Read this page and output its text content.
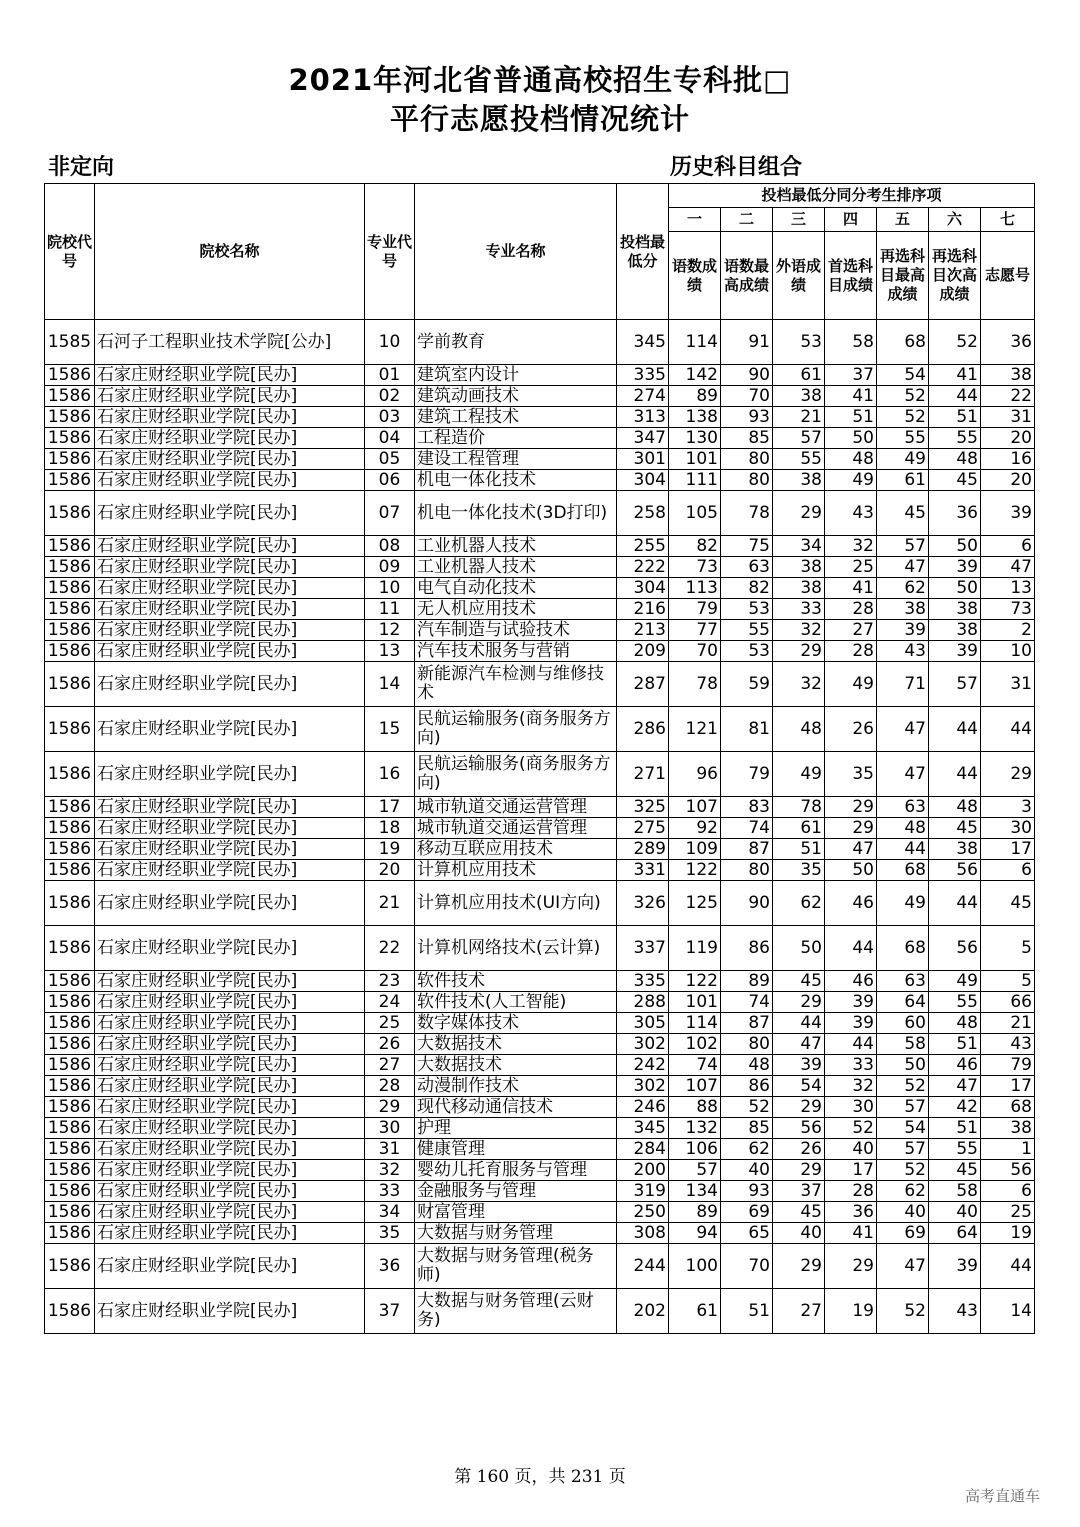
2021年河北省普通高校招生专科批□
平行志愿投档情况统计
非定向	历史科目组合
院校代号	院校名称	专业代号	专业名称	投档最低分	投档最低分同分考生排序项						
					一	二	三	四	五	六	七
					语数成绩	语数最高成绩	外语成绩	首选科目成绩	再选科目最高成绩	再选科目次高成绩	志愿号
1585	石河子工程职业技术学院[公办]	10	学前教育	345	114	91	53	58	68	52	36
1586	石家庄财经职业学院[民办]	01	建筑室内设计	335	142	90	61	37	54	41	38
1586	石家庄财经职业学院[民办]	02	建筑动画技术	274	89	70	38	41	52	44	22
1586	石家庄财经职业学院[民办]	03	建筑工程技术	313	138	93	21	51	52	51	31
1586	石家庄财经职业学院[民办]	04	工程造价	347	130	85	57	50	55	55	20
1586	石家庄财经职业学院[民办]	05	建设工程管理	301	101	80	55	48	49	48	16
1586	石家庄财经职业学院[民办]	06	机电一体化技术	304	111	80	38	49	61	45	20
1586	石家庄财经职业学院[民办]	07	机电一体化技术(3D打印)	258	105	78	29	43	45	36	39
1586	石家庄财经职业学院[民办]	08	工业机器人技术	255	82	75	34	32	57	50	6
1586	石家庄财经职业学院[民办]	09	工业机器人技术	222	73	63	38	25	47	39	47
1586	石家庄财经职业学院[民办]	10	电气自动化技术	304	113	82	38	41	62	50	13
1586	石家庄财经职业学院[民办]	11	无人机应用技术	216	79	53	33	28	38	38	73
1586	石家庄财经职业学院[民办]	12	汽车制造与试验技术	213	77	55	32	27	39	38	2
1586	石家庄财经职业学院[民办]	13	汽车技术服务与营销	209	70	53	29	28	43	39	10
1586	石家庄财经职业学院[民办]	14	新能源汽车检测与维修技术	287	78	59	32	49	71	57	31
1586	石家庄财经职业学院[民办]	15	民航运输服务(商务服务方向)	286	121	81	48	26	47	44	44
1586	石家庄财经职业学院[民办]	16	民航运输服务(商务服务方向)	271	96	79	49	35	47	44	29
1586	石家庄财经职业学院[民办]	17	城市轨道交通运营管理	325	107	83	78	29	63	48	3
1586	石家庄财经职业学院[民办]	18	城市轨道交通运营管理	275	92	74	61	29	48	45	30
1586	石家庄财经职业学院[民办]	19	移动互联应用技术	289	109	87	51	47	44	38	17
1586	石家庄财经职业学院[民办]	20	计算机应用技术	331	122	80	35	50	68	56	6
1586	石家庄财经职业学院[民办]	21	计算机应用技术(UI方向)	326	125	90	62	46	49	44	45
1586	石家庄财经职业学院[民办]	22	计算机网络技术(云计算)	337	119	86	50	44	68	56	5
1586	石家庄财经职业学院[民办]	23	软件技术	335	122	89	45	46	63	49	5
1586	石家庄财经职业学院[民办]	24	软件技术(人工智能)	288	101	74	29	39	64	55	66
1586	石家庄财经职业学院[民办]	25	数字媒体技术	305	114	87	44	39	60	48	21
1586	石家庄财经职业学院[民办]	26	大数据技术	302	102	80	47	44	58	51	43
1586	石家庄财经职业学院[民办]	27	大数据技术	242	74	48	39	33	50	46	79
1586	石家庄财经职业学院[民办]	28	动漫制作技术	302	107	86	54	32	52	47	17
1586	石家庄财经职业学院[民办]	29	现代移动通信技术	246	88	52	29	30	57	42	68
1586	石家庄财经职业学院[民办]	30	护理	345	132	85	56	52	54	51	38
1586	石家庄财经职业学院[民办]	31	健康管理	284	106	62	26	40	57	55	1
1586	石家庄财经职业学院[民办]	32	婴幼儿托育服务与管理	200	57	40	29	17	52	45	56
1586	石家庄财经职业学院[民办]	33	金融服务与管理	319	134	93	37	28	62	58	6
1586	石家庄财经职业学院[民办]	34	财富管理	250	89	69	45	36	40	40	25
1586	石家庄财经职业学院[民办]	35	大数据与财务管理	308	94	65	40	41	69	64	19
1586	石家庄财经职业学院[民办]	36	大数据与财务管理(税务师)	244	100	70	29	29	47	39	44
1586	石家庄财经职业学院[民办]	37	大数据与财务管理(云财务)	202	61	51	27	19	52	43	14
第 160 页，共 231 页
高考直通车
